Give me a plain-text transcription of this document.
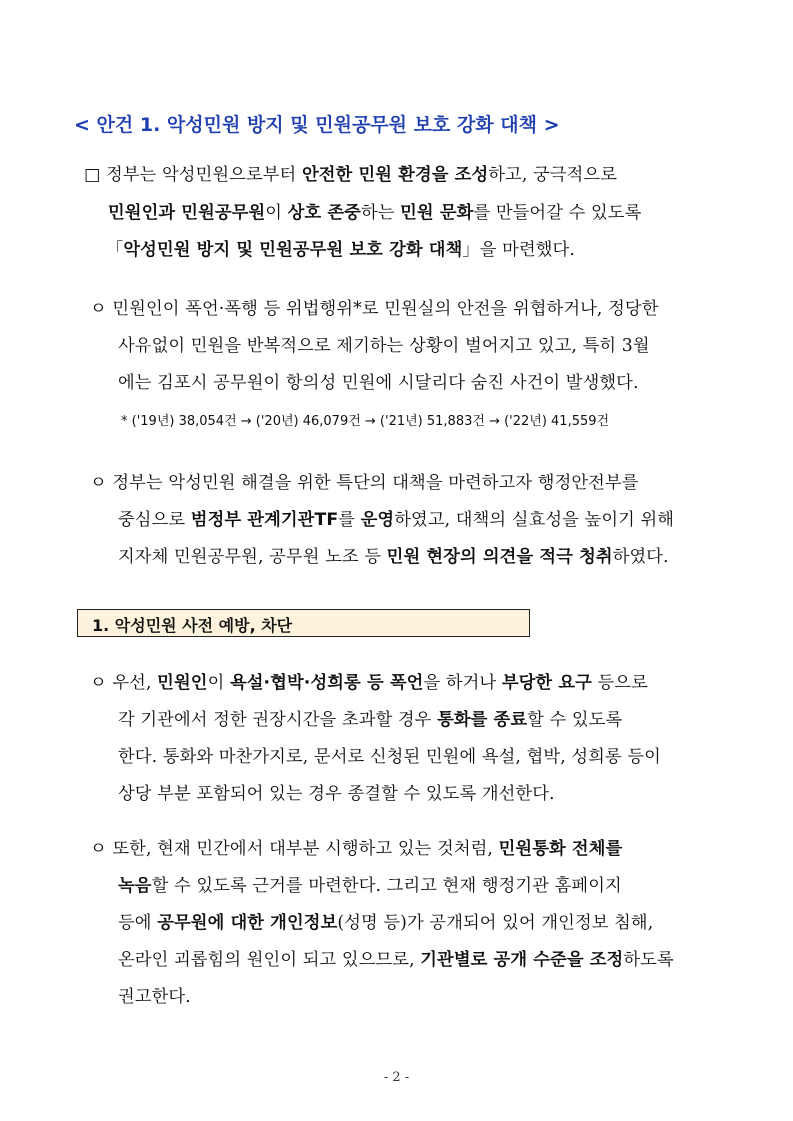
< 안건 1. 악성민원 방지 및 민원공무원 보호 강화 대책 >
□ 정부는 악성민원으로부터 안전한 민원 환경을 조성하고, 궁극적으로
민원인과 민원공무원이 상호 존중하는 민원 문화를 만들어갈 수 있도록
「악성민원 방지 및 민원공무원 보호 강화 대책」을 마련했다.
ㅇ 민원인이 폭언·폭행 등 위법행위*로 민원실의 안전을 위협하거나, 정당한
사유없이 민원을 반복적으로 제기하는 상황이 벌어지고 있고, 특히 3월
에는 김포시 공무원이 항의성 민원에 시달리다 숨진 사건이 발생했다.
* ('19년) 38,054건 → ('20년) 46,079건 → ('21년) 51,883건 → ('22년) 41,559건
ㅇ 정부는 악성민원 해결을 위한 특단의 대책을 마련하고자 행정안전부를
중심으로 범정부 관계기관TF를 운영하였고, 대책의 실효성을 높이기 위해
지자체 민원공무원, 공무원 노조 등 민원 현장의 의견을 적극 청취하였다.
1. 악성민원 사전 예방, 차단
ㅇ 우선, 민원인이 욕설·협박·성희롱 등 폭언을 하거나 부당한 요구 등으로
각 기관에서 정한 권장시간을 초과할 경우 통화를 종료할 수 있도록
한다. 통화와 마찬가지로, 문서로 신청된 민원에 욕설, 협박, 성희롱 등이
상당 부분 포함되어 있는 경우 종결할 수 있도록 개선한다.
ㅇ 또한, 현재 민간에서 대부분 시행하고 있는 것처럼, 민원통화 전체를
녹음할 수 있도록 근거를 마련한다. 그리고 현재 행정기관 홈페이지
등에 공무원에 대한 개인정보(성명 등)가 공개되어 있어 개인정보 침해,
온라인 괴롭힘의 원인이 되고 있으므로, 기관별로 공개 수준을 조정하도록
권고한다.
- 2 -
